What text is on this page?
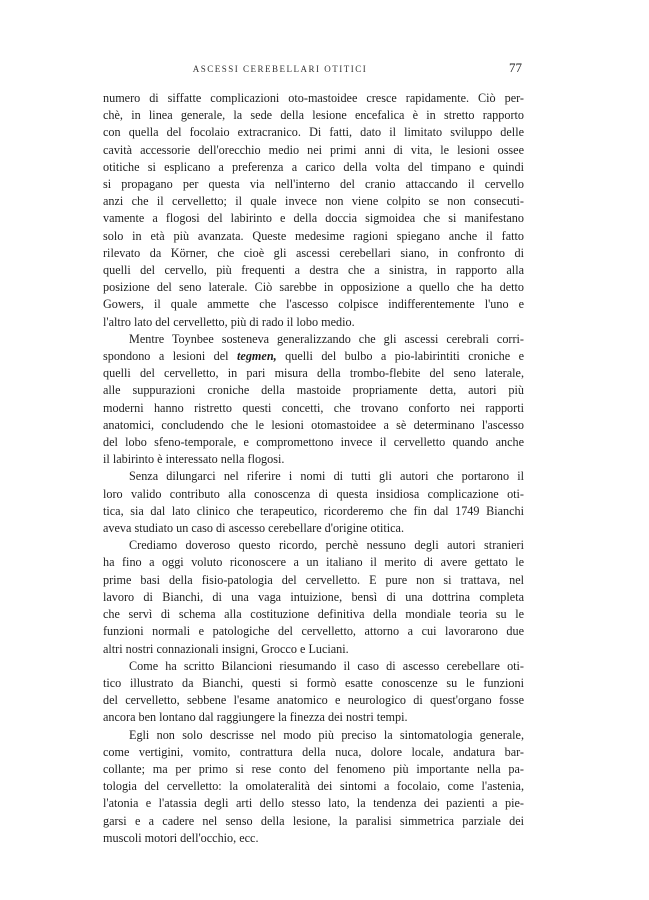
ASCESSI CEREBELLARI OTITICI	77
numero di siffatte complicazioni oto-mastoidee cresce rapidamente. Ciò per-
chè, in linea generale, la sede della lesione encefalica è in stretto rapporto
con quella del focolaio extracranico. Di fatti, dato il limitato sviluppo delle
cavità accessorie dell'orecchio medio nei primi anni di vita, le lesioni ossee
otitiche si esplicano a preferenza a carico della volta del timpano e quindi
si propagano per questa via nell'interno del cranio attaccando il cervello
anzi che il cervelletto; il quale invece non viene colpito se non consecuti-
vamente a flogosi del labirinto e della doccia sigmoidea che si manifestano
solo in età più avanzata. Queste medesime ragioni spiegano anche il fatto
rilevato da Körner, che cioè gli ascessi cerebellari siano, in confronto di
quelli del cervello, più frequenti a destra che a sinistra, in rapporto alla
posizione del seno laterale. Ciò sarebbe in opposizione a quello che ha detto
Gowers, il quale ammette che l'ascesso colpisce indifferentemente l'uno e
l'altro lato del cervelletto, più di rado il lobo medio.
Mentre Toynbee sosteneva generalizzando che gli ascessi cerebrali corri-
spondono a lesioni del tegmen, quelli del bulbo a pio-labirintiti croniche e
quelli del cervelletto, in pari misura della trombo-flebite del seno laterale,
alle suppurazioni croniche della mastoide propriamente detta, autori più
moderni hanno ristretto questi concetti, che trovano conforto nei rapporti
anatomici, concludendo che le lesioni otomastoidee a sè determinano l'ascesso
del lobo sfeno-temporale, e compromettono invece il cervelletto quando anche
il labirinto è interessato nella flogosi.
Senza dilungarci nel riferire i nomi di tutti gli autori che portarono il
loro valido contributo alla conoscenza di questa insidiosa complicazione oti-
tica, sia dal lato clinico che terapeutico, ricorderemo che fin dal 1749 Bianchi
aveva studiato un caso di ascesso cerebellare d'origine otitica.
Crediamo doveroso questo ricordo, perchè nessuno degli autori stranieri
ha fino a oggi voluto riconoscere a un italiano il merito di avere gettato le
prime basi della fisio-patologia del cervelletto. E pure non si trattava, nel
lavoro di Bianchi, di una vaga intuizione, bensì di una dottrina completa
che servì di schema alla costituzione definitiva della mondiale teoria su le
funzioni normali e patologiche del cervelletto, attorno a cui lavorarono due
altri nostri connazionali insigni, Grocco e Luciani.
Come ha scritto Bilancioni riesumando il caso di ascesso cerebellare oti-
tico illustrato da Bianchi, questi si formò esatte conoscenze su le funzioni
del cervelletto, sebbene l'esame anatomico e neurologico di quest'organo fosse
ancora ben lontano dal raggiungere la finezza dei nostri tempi.
Egli non solo descrisse nel modo più preciso la sintomatologia generale,
come vertigini, vomito, contrattura della nuca, dolore locale, andatura bar-
collante; ma per primo si rese conto del fenomeno più importante nella pa-
tologia del cervelletto: la omolateralità dei sintomi a focolaio, come l'astenia,
l'atonia e l'atassia degli arti dello stesso lato, la tendenza dei pazienti a pie-
garsi e a cadere nel senso della lesione, la paralisi simmetrica parziale dei
muscoli motori dell'occhio, ecc.
